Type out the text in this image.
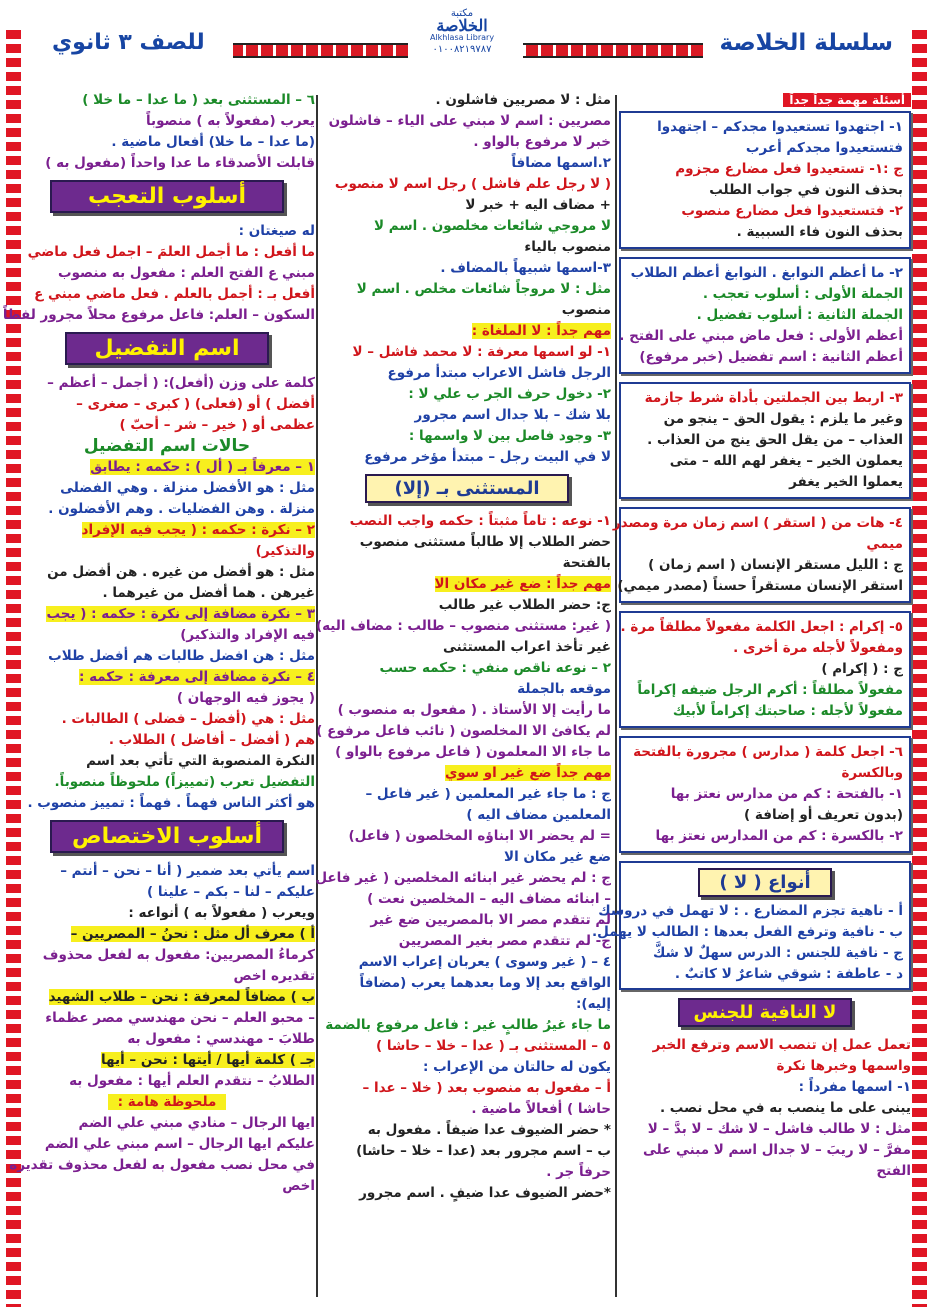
سلسلة الخلاصة
مكتبة
الخلاصة
Alkhlasa Library
٠١٠٠٨٢١٩٧٨٧
للصف ٣ ثانوي
أسئلة مهمة جداً جداً
١- اجتهدوا تستعيدوا مجدكم – اجتهدوا
فتستعيدوا مجدكم أعرب
ج :١- تستعيدوا فعل مضارع مجزوم
بحذف النون في جواب الطلب
٢- فتستعيدوا فعل مضارع منصوب
بحذف النون فاء السببية .
٢- ما أعظم النوابغ . النوابغ أعظم الطلاب
الجملة الأولى : أسلوب تعجب .
الجملة الثانية : أسلوب تفضيل .
أعظم الأولى : فعل ماض مبني على الفتح .
أعظم الثانية : اسم تفضيل (خبر مرفوع)
٣- اربط بين الجملتين بأداة شرط جازمة
وغير ما يلزم : يقول الحق – ينجو من
العذاب – من يقل الحق ينج من العذاب .
يعملون الخير – يغفر لهم الله – متى
يعملوا الخير يغفر
٤- هات من ( استقر ) اسم زمان مرة ومصدر
ميمي
ج : الليل مستقر الإنسان ( اسم زمان )
استقر الإنسان مستقراً حسناً (مصدر ميمي)
٥- إكرام : اجعل الكلمة مفعولاً مطلقاً مرة .
ومفعولاً لأجله مرة أخرى .
ج : ( إكرام )
مفعولاً مطلقاً : أكرم الرجل ضيفه إكراماً
مفعولاً لأجله : صاحبتك إكراماً لأبيك
٦- اجعل كلمة ( مدارس ) مجرورة بالفتحة
وبالكسرة
١- بالفتحة : كم من مدارس نعتز بها
(بدون تعريف أو إضافة )
٢- بالكسرة : كم من المدارس نعتز بها
أنواع ( لا )
أ - ناهية تجزم المضارع . : لا تهمل في دروسك
ب - نافية وترفع الفعل بعدها : الطالب لا يهمل.
ج - نافية للجنس : الدرس سهلٌ لا شكَّ
د - عاطفة : شوقي شاعرٌ لا كاتبٌ .
لا النافية للجنس
تعمل عمل إن تنصب الاسم وترفع الخبر
واسمها وخبرها نكرة
١- اسمها مفرداً :
يبنى على ما ينصب به في محل نصب .
مثل : لا طالب فاشل – لا شك – لا بدَّ – لا
مفرَّ – لا ريبَ – لا جدال اسم لا مبني على
الفتح
مثل : لا مصريين فاشلون .
مصريين : اسم لا مبني على الياء – فاشلون
خبر لا مرفوع بالواو .
٢.اسمها مضافاً
( لا رجل علم فاشل ) رجل اسم لا منصوب
+ مضاف اليه + خبر لا
لا مروجي شائعات مخلصون . اسم لا
منصوب بالياء
٣-اسمها شبيهاً بالمضاف .
مثل : لا مروجاً شائعات مخلص . اسم لا
منصوب
مهم جداً : لا الملغاة :
١- لو اسمها معرفة : لا محمد فاشل – لا
الرجل فاشل الاعراب مبتدأ مرفوع
٢- دخول حرف الجر ب علي لا :
بلا شك – بلا جدال اسم مجرور
٣- وجود فاصل بين لا واسمها :
لا في البيت رجل – مبتدأ مؤخر مرفوع
المستثنى بـ (إلا)
١- نوعه : تاماً مثبتاً : حكمه واجب النصب
حضر الطلاب إلا طالباً مستثنى منصوب
بالفتحة
مهم جداً : ضع غير مكان الا
ج: حضر الطلاب غير طالب
( غير: مستثنى منصوب – طالب : مضاف اليه)
غير تأخذ اعراب المستثنى
٢ – نوعه ناقص منفي : حكمه حسب
موقعه بالجملة
ما رأيت إلا الأستاذ . ( مفعول به منصوب )
لم يكافئ الا المخلصون ( نائب فاعل مرفوع )
ما جاء الا المعلمون ( فاعل مرفوع بالواو )
مهم جداً ضع غير او سوي
ج : ما جاء غير المعلمين ( غير فاعل –
المعلمين مضاف اليه )
= لم يحضر الا ابناؤه المخلصون ( فاعل)
ضع غير مكان الا
ج : لم يحضر غير ابنائه المخلصين ( غير فاعل
– ابنائه مضاف اليه – المخلصين نعت )
لم تتقدم مصر الا بالمصريين ضع غير
ج- لم تتقدم مصر بغير المصريين
٤ – ( غير وسوى ) يعربان إعراب الاسم
الواقع بعد إلا وما بعدهما يعرب (مضافاً
إليه):
ما جاء غيرُ طالبٍ غير : فاعل مرفوع بالضمة
٥ – المستثنى بـ ( عدا – خلا – حاشا )
يكون له حالتان من الإعراب :
أ – مفعول به منصوب بعد ( خلا – عدا –
حاشا ) أفعالاً ماضية .
* حضر الضيوف عدا ضيفاً . مفعول به
ب – اسم مجرور بعد (عدا – خلا – حاشا)
حرفاً جر .
*حضر الضيوف عدا ضيفٍ . اسم مجرور
٦ – المستثنى بعد ( ما عدا – ما خلا )
يعرب (مفعولاً به ) منصوباً
(ما عدا – ما خلا) أفعال ماضية .
قابلت الأصدقاء ما عدا واحداً (مفعول به )
أسلوب التعجب
له صيغتان :
ما أفعل : ما أجمل العلمَ – اجمل فعل ماضي
مبني ع الفتح العلم : مفعول به منصوب
أفعل بـ : أجمل بالعلم . فعل ماضي مبني ع
السكون – العلم: فاعل مرفوع محلاً مجرور لفظاً
اسم التفضيل
كلمة على وزن (أفعل): ( أجمل – أعظم –
أفضل ) أو (فعلى) ( كبرى – صغرى –
عظمى أو ( خير – شر – أحبّ )
حالات اسم التفضيل
١ – معرفاً بـ ( أل ) : حكمه : يطابق
مثل : هو الأفضل منزلة . وهي الفضلى
منزلة . وهن الفضليات . وهم الأفضلون .
٢ – نكرة : حكمه : ( يجب فيه الإفراد
والتذكير)
مثل : هو أفضل من غيره . هن أفضل من
غيرهن . هما أفضل من غيرهما .
٣ – نكرة مضافة إلى نكرة : حكمه : ( يجب
فيه الإفراد والتذكير)
مثل : هن افضل طالبات هم أفضل طلاب
٤ – نكرة مضافة إلى معرفة : حكمه :
( يجوز فيه الوجهان )
مثل : هي (أفضل – فضلى ) الطالبات .
هم ( أفضل – أفاضل ) الطلاب .
النكرة المنصوبة التي تأتي بعد اسم
التفضيل تعرب (تمييزاً) ملحوظاً منصوباً.
هو أكثر الناس فهماً . فهماً : تمييز منصوب .
أسلوب الاختصاص
اسم يأتي بعد ضمير ( أنا – نحن – أنتم –
عليكم – لنا – بكم – علينا )
ويعرب ( مفعولاً به ) أنواعه :
أ ) معرف أل مثل : نحنُ – المصريين –
كرماءُ المصريين: مفعول به لفعل محذوف
تقديره اخص
ب ) مضافاً لمعرفة : نحن – طلاب الشهيد
– محبو العلم – نحن مهندسي مصر عظماء
طلابَ - مهندسي : مفعول به
جـ ) كلمة أيها / أيتها : نحن – أيها
الطلابُ – نتقدم العلم أيها : مفعول به
ملحوظة هامة :
ايها الرجال – منادي مبني علي الضم
عليكم ايها الرجال – اسم مبني علي الضم
في محل نصب مفعول به لفعل محذوف تقديره
اخص
